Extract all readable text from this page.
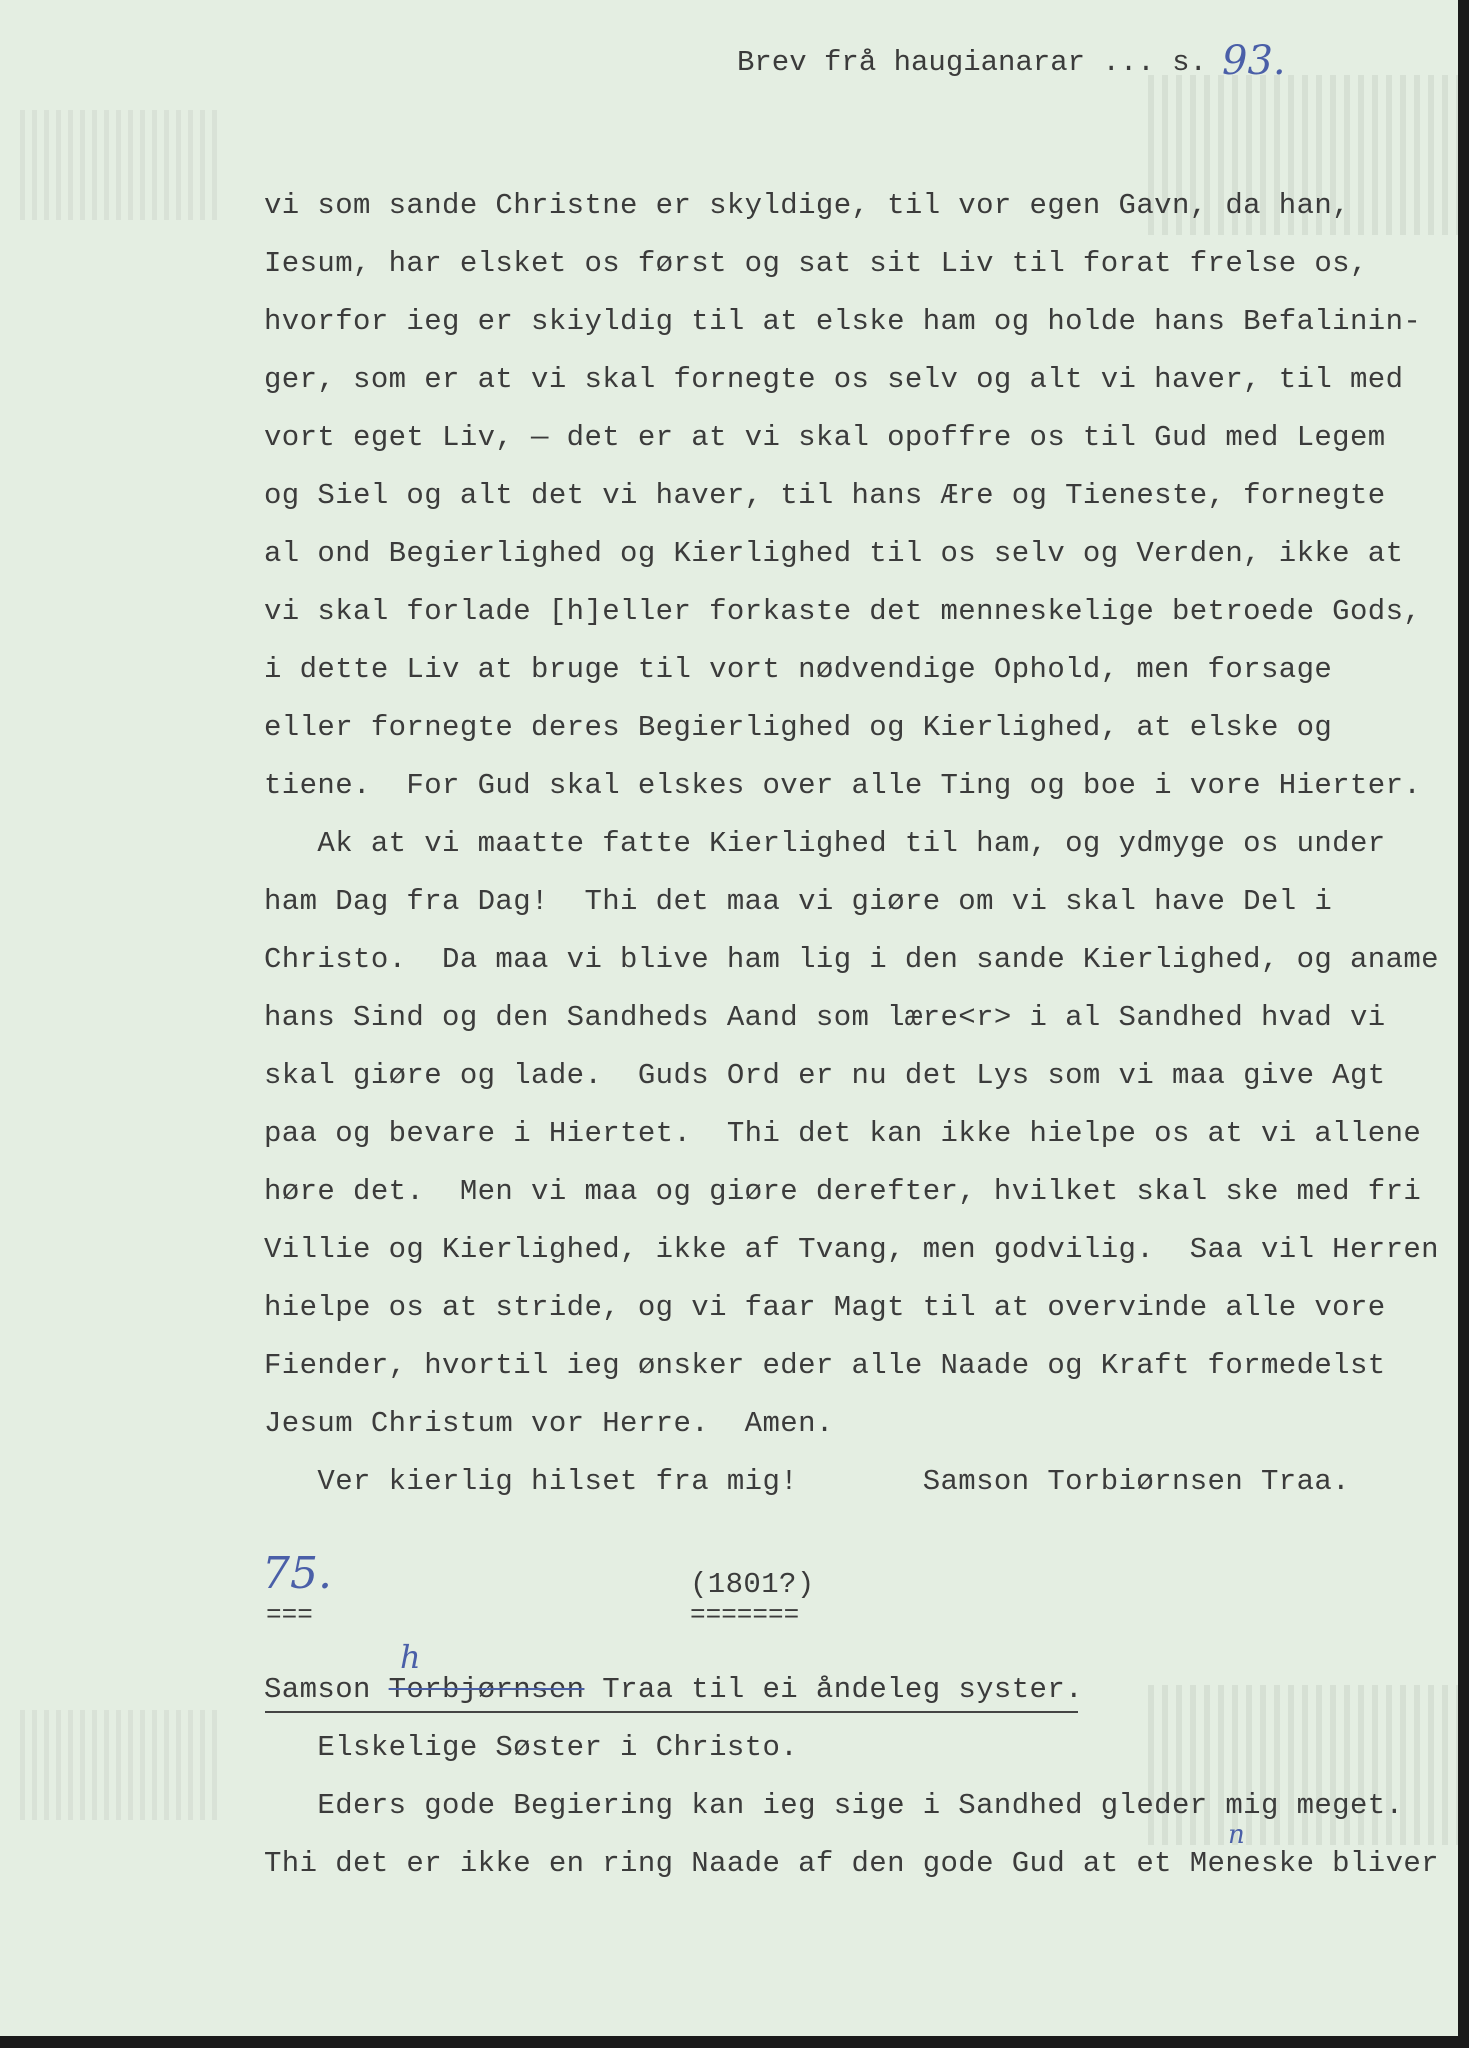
Brev frå haugianarar ... s. 93.
vi som sande Christne er skyldige, til vor egen Gavn, da han,
Iesum, har elsket os først og sat sit Liv til forat frelse os,
hvorfor ieg er skiyldig til at elske ham og holde hans Befalinin-
ger, som er at vi skal fornegte os selv og alt vi haver, til med
vort eget Liv, — det er at vi skal opoffre os til Gud med Legem
og Siel og alt det vi haver, til hans Ære og Tieneste, fornegte
al ond Begierlighed og Kierlighed til os selv og Verden, ikke at
vi skal forlade [h]eller forkaste det menneskelige betroede Gods,
i dette Liv at bruge til vort nødvendige Ophold, men forsage
eller fornegte deres Begierlighed og Kierlighed, at elske og
tiene.  For Gud skal elskes over alle Ting og boe i vore Hierter.
Ak at vi maatte fatte Kierlighed til ham, og ydmyge os under
ham Dag fra Dag!  Thi det maa vi giøre om vi skal have Del i
Christo.  Da maa vi blive ham lig i den sande Kierlighed, og aname
hans Sind og den Sandheds Aand som lære<r> i al Sandhed hvad vi
skal giøre og lade.  Guds Ord er nu det Lys som vi maa give Agt
paa og bevare i Hiertet.  Thi det kan ikke hielpe os at vi allene
høre det.  Men vi maa og giøre derefter, hvilket skal ske med fri
Villie og Kierlighed, ikke af Tvang, men godvilig.  Saa vil Herren
hielpe os at stride, og vi faar Magt til at overvinde alle vore
Fiender, hvortil ieg ønsker eder alle Naade og Kraft formedelst
Jesum Christum vor Herre.  Amen.
Ver kierlig hilset fra mig!       Samson Torbiørnsen Traa.
75.
===
(1801?)
=======
Samson Torbjørnsen Traa til ei åndeleg syster.
h
Elskelige Søster i Christo.
Eders gode Begiering kan ieg sige i Sandhed gleder mig meget.
Thi det er ikke en ring Naade af den gode Gud at et Meneske bliver
n
